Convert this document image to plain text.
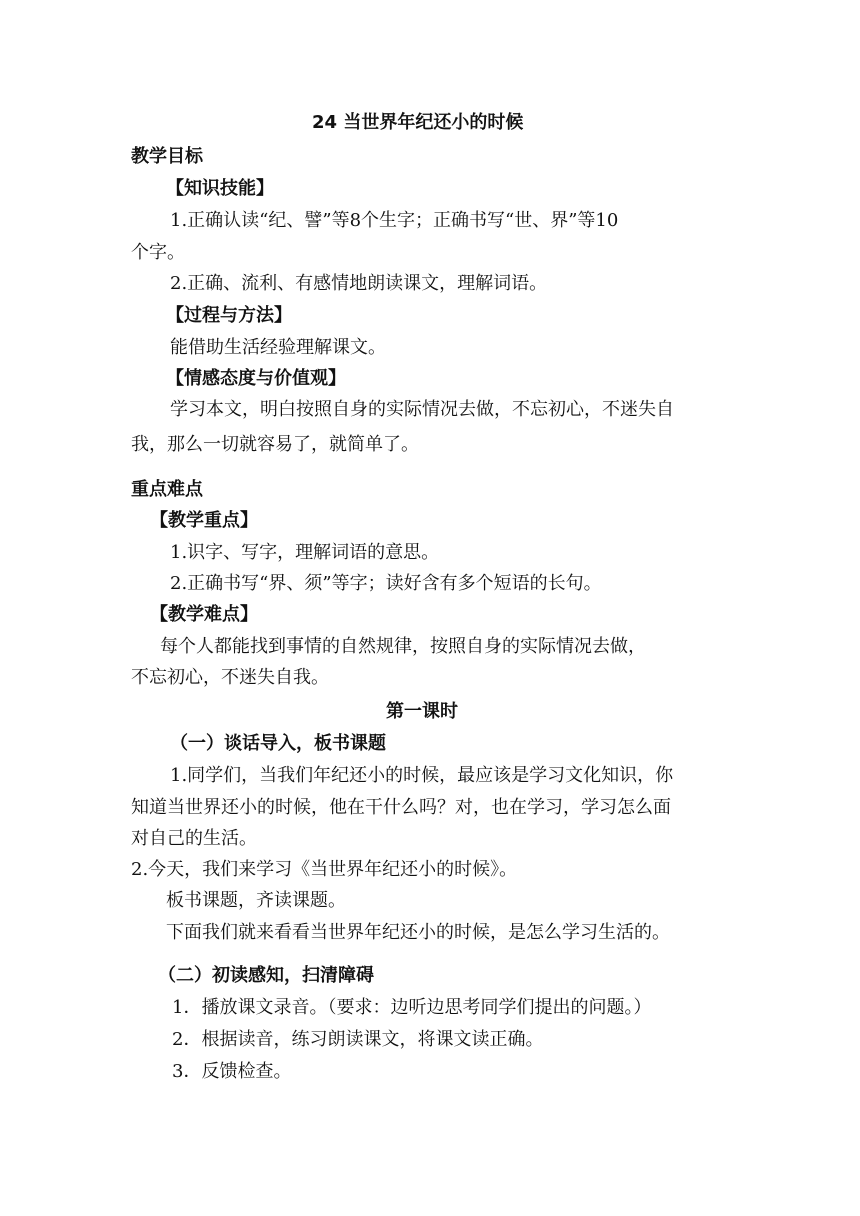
24 当世界年纪还小的时候
教学目标
【知识技能】
1.正确认读“纪、譬”等8个生字；正确书写“世、界”等10
个字。
2.正确、流利、有感情地朗读课文，理解词语。
【过程与方法】
能借助生活经验理解课文。
【情感态度与价值观】
学习本文，明白按照自身的实际情况去做，不忘初心，不迷失自
我，那么一切就容易了，就简单了。
重点难点
【教学重点】
1.识字、写字，理解词语的意思。
2.正确书写“界、须”等字；读好含有多个短语的长句。
【教学难点】
每个人都能找到事情的自然规律，按照自身的实际情况去做，
不忘初心，不迷失自我。
第一课时
（一）谈话导入，板书课题
1.同学们，当我们年纪还小的时候，最应该是学习文化知识，你
知道当世界还小的时候，他在干什么吗？对，也在学习，学习怎么面
对自己的生活。
2.今天，我们来学习《当世界年纪还小的时候》。
板书课题，齐读课题。
下面我们就来看看当世界年纪还小的时候，是怎么学习生活的。
（二）初读感知，扫清障碍
1．播放课文录音。（要求：边听边思考同学们提出的问题。）
2．根据读音，练习朗读课文，将课文读正确。
3．反馈检查。
